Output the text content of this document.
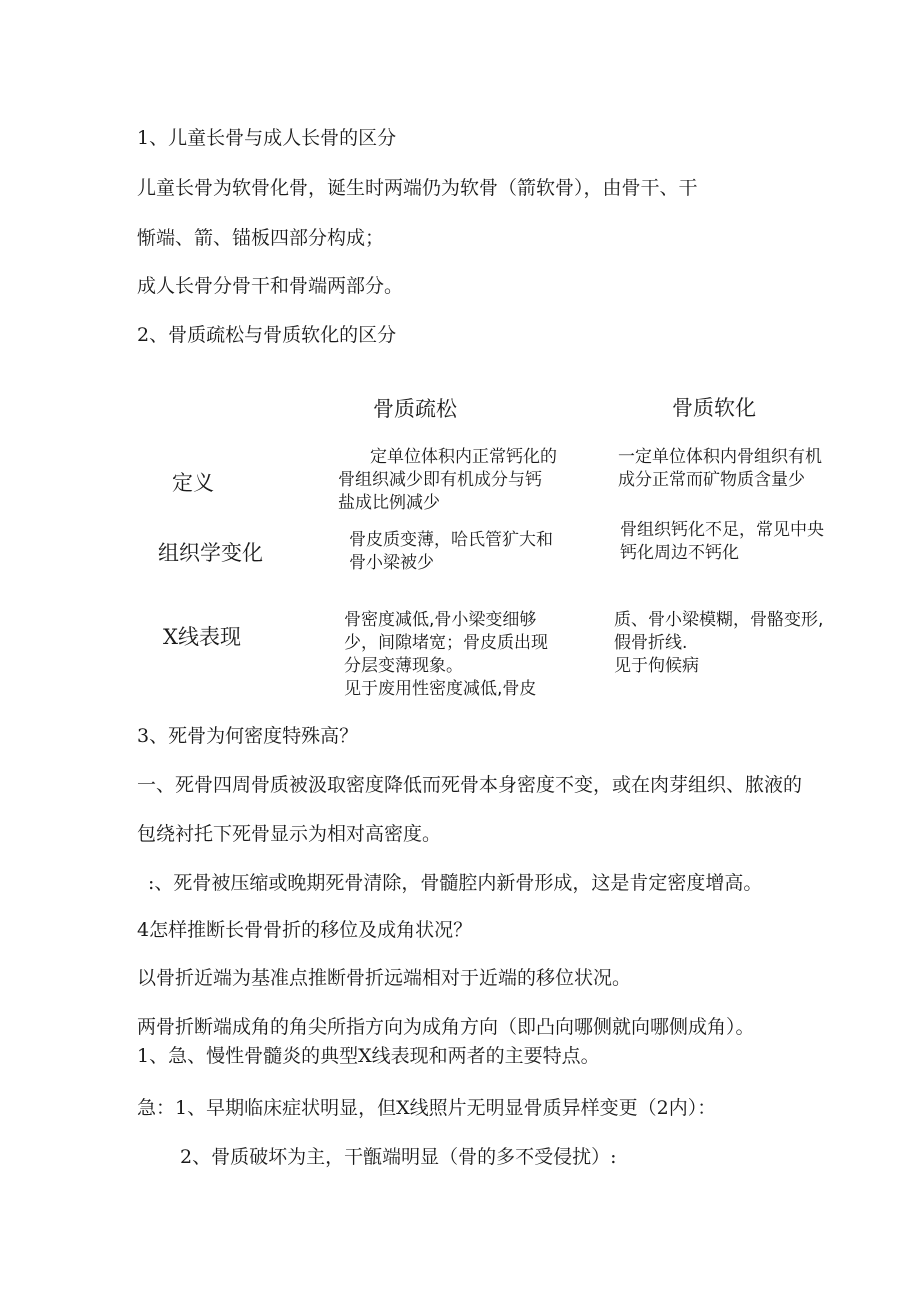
1、儿童长骨与成人长骨的区分
儿童长骨为软骨化骨，诞生时两端仍为软骨（箭软骨），由骨干、干
惭端、箭、锚板四部分构成；
成人长骨分骨干和骨端两部分。
2、骨质疏松与骨质软化的区分
骨质疏松	骨质软化
定义
定单位体积内正常钙化的
骨组织减少即有机成分与钙
盐成比例减少
一定单位体积内骨组织有机
成分正常而矿物质含量少
组织学变化
骨皮质变薄，哈氏管犷大和
骨小梁被少
骨组织钙化不足，常见中央
钙化周边不钙化
X线表现
骨密度减低,骨小梁变细够
少，间隙堵宽；骨皮质出现
分层变薄现象。
见于废用性密度减低,骨皮
质、骨小梁模糊，骨骼变形,
假骨折线.
见于佝候病
3、死骨为何密度特殊高？
一、死骨四周骨质被汲取密度降低而死骨本身密度不变，或在肉芽组织、脓液的
包绕衬托下死骨显示为相对高密度。
:、死骨被压缩或晚期死骨清除，骨髓腔内新骨形成，这是肯定密度增高。
4怎样推断长骨骨折的移位及成角状况？
以骨折近端为基准点推断骨折远端相对于近端的移位状况。
两骨折断端成角的角尖所指方向为成角方向（即凸向哪侧就向哪侧成角）。
1、急、慢性骨髓炎的典型X线表现和两者的主要特点。
急：1、早期临床症状明显，但X线照片无明显骨质异样变更（2内）：
2、骨质破坏为主，干甑端明显（骨的多不受侵扰）:
